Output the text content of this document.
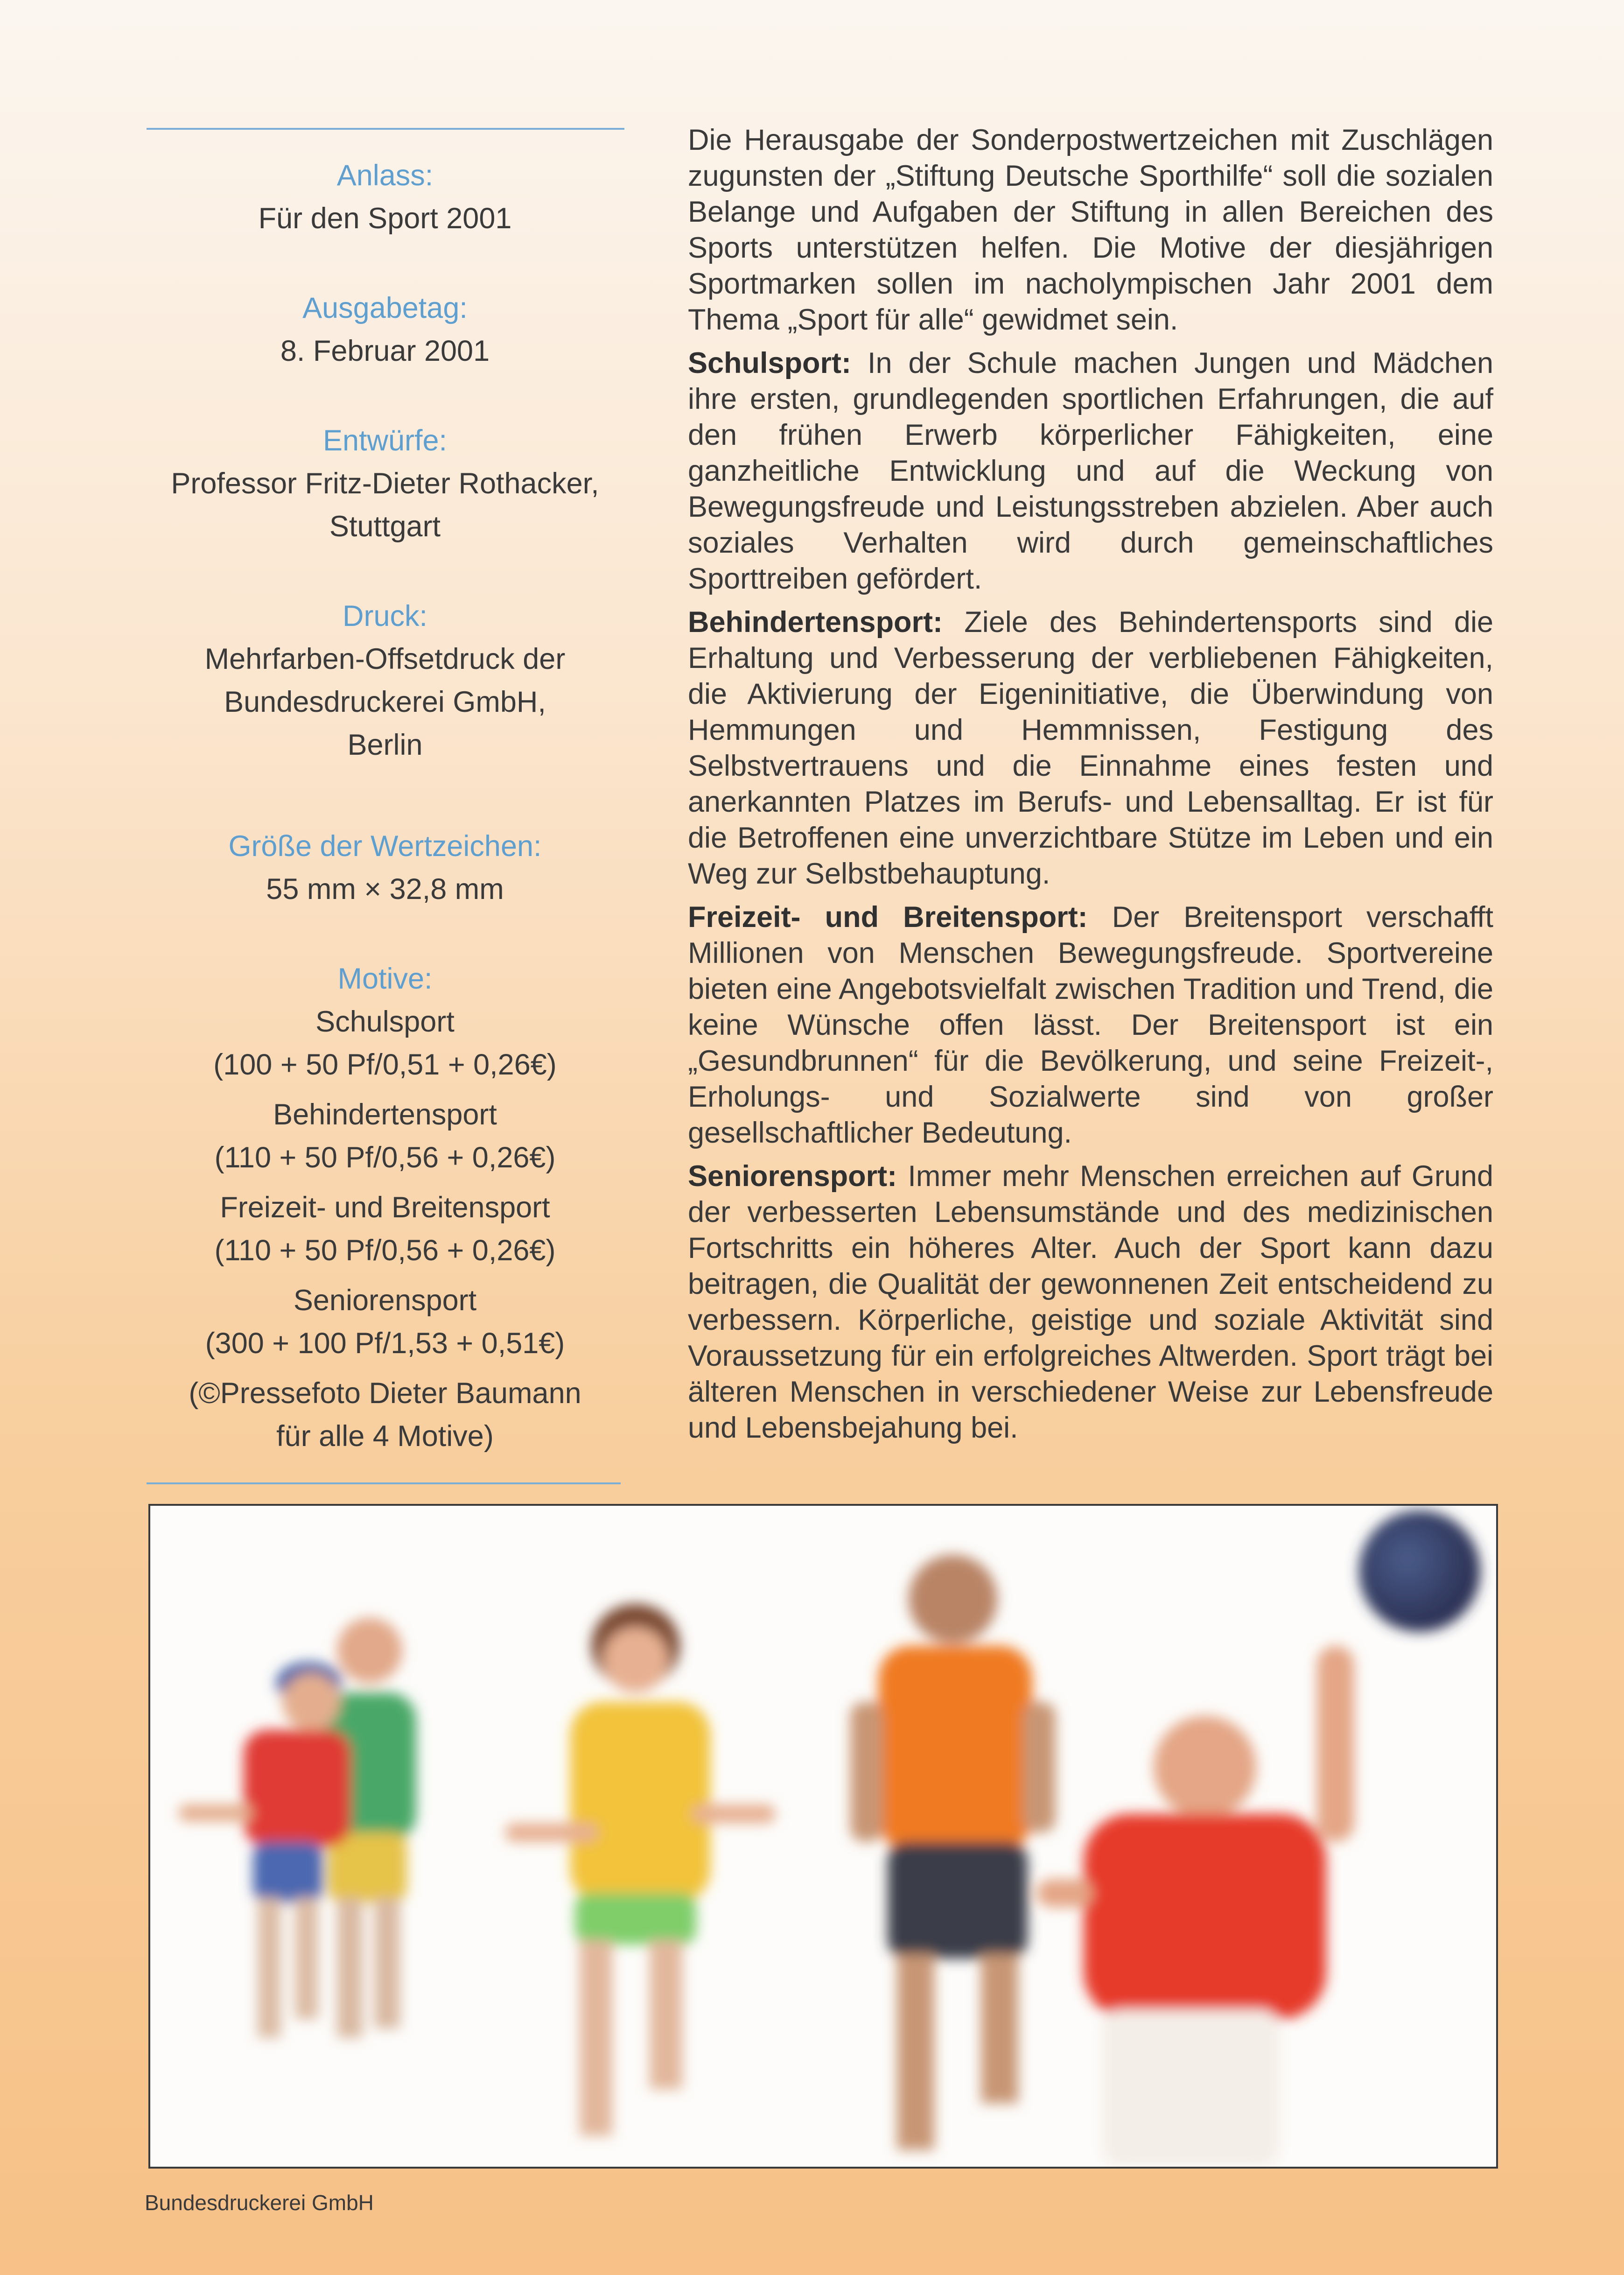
Anlass:

Für den Sport 2001

Ausgabetag:

8. Februar 2001

Entwürfe:

Professor Fritz-Dieter Rothacker,

Stuttgart

Druck:

Mehrfarben-Offsetdruck der

Bundesdruckerei GmbH,

Berlin

Größe der Wertzeichen:

55 mm × 32,8 mm

Motive:

Schulsport

(100 + 50 Pf/0,51 + 0,26€)

Behindertensport

(110 + 50 Pf/0,56 + 0,26€)

Freizeit- und Breitensport

(110 + 50 Pf/0,56 + 0,26€)

Seniorensport

(300 + 100 Pf/1,53 + 0,51€)

(©Pressefoto Dieter Baumann

für alle 4 Motive)

Die Herausgabe der Sonderpostwertzeichen mit Zuschlägen zugunsten der „Stiftung Deutsche Sporthilfe“ soll die sozialen Belange und Aufgaben der Stiftung in allen Bereichen des Sports unterstützen helfen. Die Motive der diesjährigen Sportmarken sollen im nacholympischen Jahr 2001 dem Thema „Sport für alle“ gewidmet sein.

Schulsport: In der Schule machen Jungen und Mädchen ihre ersten, grundlegenden sportlichen Erfahrungen, die auf den frühen Erwerb körperlicher Fähigkeiten, eine ganzheitliche Entwicklung und auf die Weckung von Bewegungsfreude und Leistungsstreben abzielen. Aber auch soziales Verhalten wird durch gemeinschaftliches Sporttreiben gefördert.

Behindertensport: Ziele des Behindertensports sind die Erhaltung und Verbesserung der verbliebenen Fähigkeiten, die Aktivierung der Eigeninitiative, die Überwindung von Hemmungen und Hemmnissen, Festigung des Selbstvertrauens und die Einnahme eines festen und anerkannten Platzes im Berufs- und Lebensalltag. Er ist für die Betroffenen eine unverzichtbare Stütze im Leben und ein Weg zur Selbstbehauptung.

Freizeit- und Breitensport: Der Breitensport verschafft Millionen von Menschen Bewegungsfreude. Sportvereine bieten eine Angebotsvielfalt zwischen Tradition und Trend, die keine Wünsche offen lässt. Der Breitensport ist ein „Gesundbrunnen“ für die Bevölkerung, und seine Freizeit-, Erholungs- und Sozialwerte sind von großer gesellschaftlicher Bedeutung.

Seniorensport: Immer mehr Menschen erreichen auf Grund der verbesserten Lebensumstände und des medizinischen Fortschritts ein höheres Alter. Auch der Sport kann dazu beitragen, die Qualität der gewonnenen Zeit entscheidend zu verbessern. Körperliche, geistige und soziale Aktivität sind Voraussetzung für ein erfolgreiches Altwerden. Sport trägt bei älteren Menschen in verschiedener Weise zur Lebensfreude und Lebensbejahung bei.

Bundesdruckerei GmbH
